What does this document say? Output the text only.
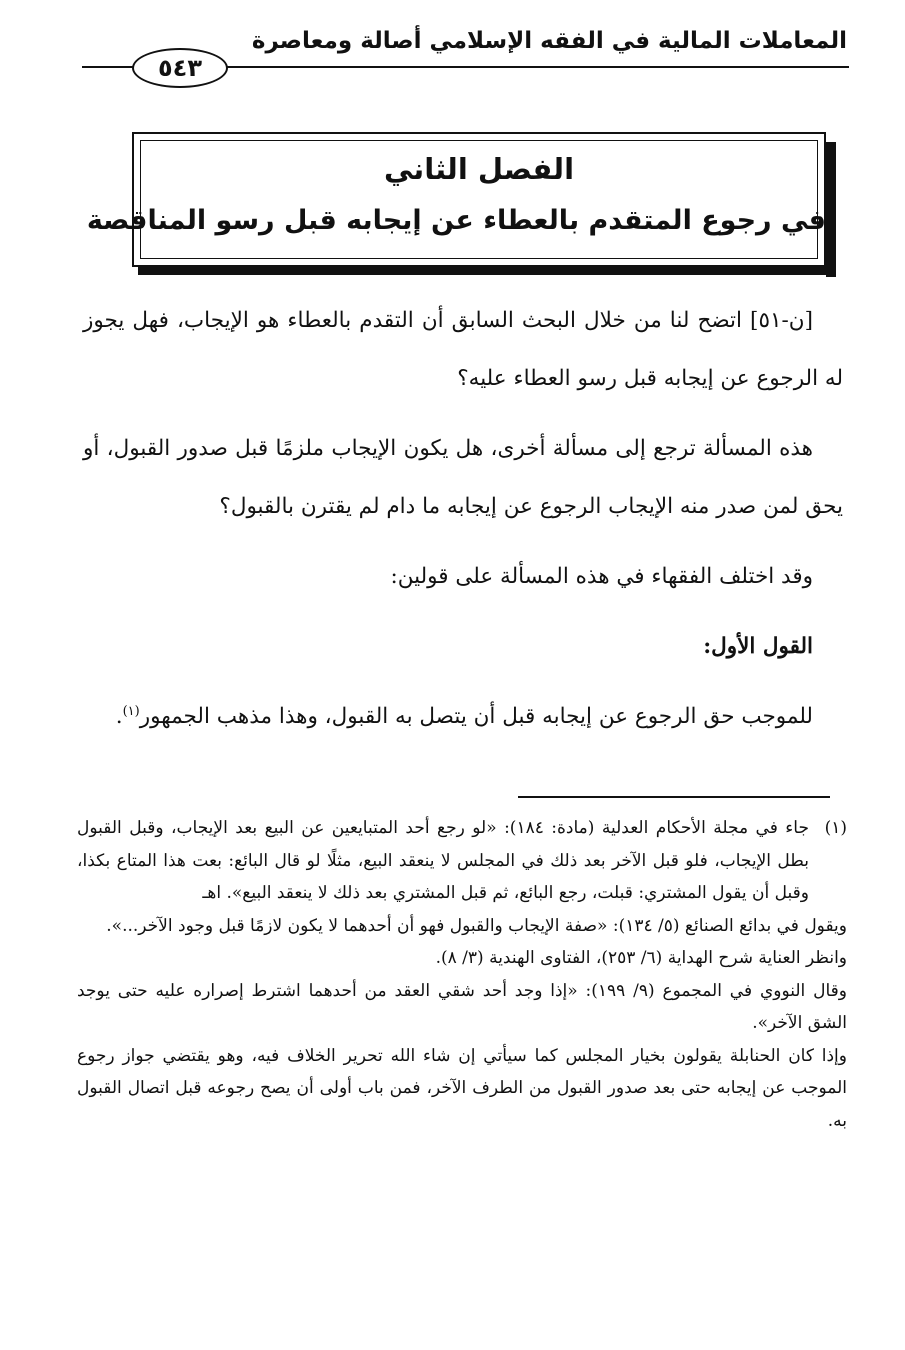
المعاملات المالية في الفقه الإسلامي أصالة ومعاصرة
٥٤٣
الفصل الثاني
في رجوع المتقدم بالعطاء عن إيجابه قبل رسو المناقصة

[ن-٥١] اتضح لنا من خلال البحث السابق أن التقدم بالعطاء هو الإيجاب، فهل يجوز له الرجوع عن إيجابه قبل رسو العطاء عليه؟

هذه المسألة ترجع إلى مسألة أخرى، هل يكون الإيجاب ملزمًا قبل صدور القبول، أو يحق لمن صدر منه الإيجاب الرجوع عن إيجابه ما دام لم يقترن بالقبول؟

وقد اختلف الفقهاء في هذه المسألة على قولين:

القول الأول:

للموجب حق الرجوع عن إيجابه قبل أن يتصل به القبول، وهذا مذهب الجمهور$^{(١)}$.

(١)
جاء في مجلة الأحكام العدلية (مادة: ١٨٤): «لو رجع أحد المتبايعين عن البيع بعد الإيجاب، وقبل القبول بطل الإيجاب، فلو قبل الآخر بعد ذلك في المجلس لا ينعقد البيع، مثلًا لو قال البائع: بعت هذا المتاع بكذا، وقبل أن يقول المشتري: قبلت، رجع البائع، ثم قبل المشتري بعد ذلك لا ينعقد البيع». اهـ

ويقول في بدائع الصنائع (٥/ ١٣٤): «صفة الإيجاب والقبول فهو أن أحدهما لا يكون لازمًا قبل وجود الآخر...».

وانظر العناية شرح الهداية (٦/ ٢٥٣)، الفتاوى الهندية (٣/ ٨).

وقال النووي في المجموع (٩/ ١٩٩): «إذا وجد أحد شقي العقد من أحدهما اشترط إصراره عليه حتى يوجد الشق الآخر».

وإذا كان الحنابلة يقولون بخيار المجلس كما سيأتي إن شاء الله تحرير الخلاف فيه، وهو يقتضي جواز رجوع الموجب عن إيجابه حتى بعد صدور القبول من الطرف الآخر، فمن باب أولى أن يصح رجوعه قبل اتصال القبول به.
